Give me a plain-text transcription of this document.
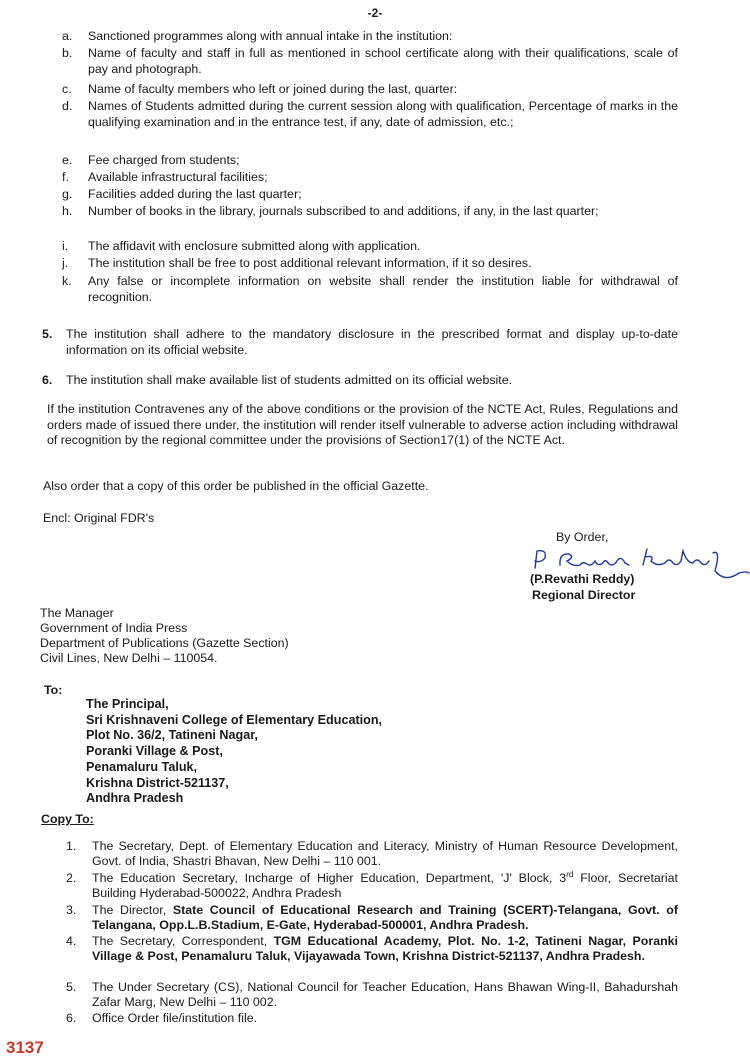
-2-
a. Sanctioned programmes along with annual intake in the institution:
b. Name of faculty and staff in full as mentioned in school certificate along with their qualifications, scale of pay and photograph.
c. Name of faculty members who left or joined during the last, quarter:
d. Names of Students admitted during the current session along with qualification, Percentage of marks in the qualifying examination and in the entrance test, if any, date of admission, etc.;
e. Fee charged from students;
f. Available infrastructural facilities;
g. Facilities added during the last quarter;
h. Number of books in the library, journals subscribed to and additions, if any, in the last quarter;
i. The affidavit with enclosure submitted along with application.
j. The institution shall be free to post additional relevant information, if it so desires.
k. Any false or incomplete information on website shall render the institution liable for withdrawal of recognition.
5. The institution shall adhere to the mandatory disclosure in the prescribed format and display up-to-date information on its official website.
6. The institution shall make available list of students admitted on its official website.
If the institution Contravenes any of the above conditions or the provision of the NCTE Act, Rules, Regulations and orders made of issued there under, the institution will render itself vulnerable to adverse action including withdrawal of recognition by the regional committee under the provisions of Section17(1) of the NCTE Act.
Also order that a copy of this order be published in the official Gazette.
Encl: Original FDR's
By Order,
(P.Revathi Reddy)
Regional Director
The Manager
Government of India Press
Department of Publications (Gazette Section)
Civil Lines, New Delhi – 110054.
To:
The Principal,
Sri Krishnaveni College of Elementary Education,
Plot No. 36/2, Tatineni Nagar,
Poranki Village & Post,
Penamaluru Taluk,
Krishna District-521137,
Andhra Pradesh
Copy To:
1. The Secretary, Dept. of Elementary Education and Literacy, Ministry of Human Resource Development, Govt. of India, Shastri Bhavan, New Delhi – 110 001.
2. The Education Secretary, Incharge of Higher Education, Department, 'J' Block, 3rd Floor, Secretariat Building Hyderabad-500022, Andhra Pradesh
3. The Director, State Council of Educational Research and Training (SCERT)-Telangana, Govt. of Telangana, Opp.L.B.Stadium, E-Gate, Hyderabad-500001, Andhra Pradesh.
4. The Secretary, Correspondent, TGM Educational Academy, Plot. No. 1-2, Tatineni Nagar, Poranki Village & Post, Penamaluru Taluk, Vijayawada Town, Krishna District-521137, Andhra Pradesh.
5. The Under Secretary (CS), National Council for Teacher Education, Hans Bhawan Wing-II, Bahadurshah Zafar Marg, New Delhi – 110 002.
6. Office Order file/institution file.
3137
